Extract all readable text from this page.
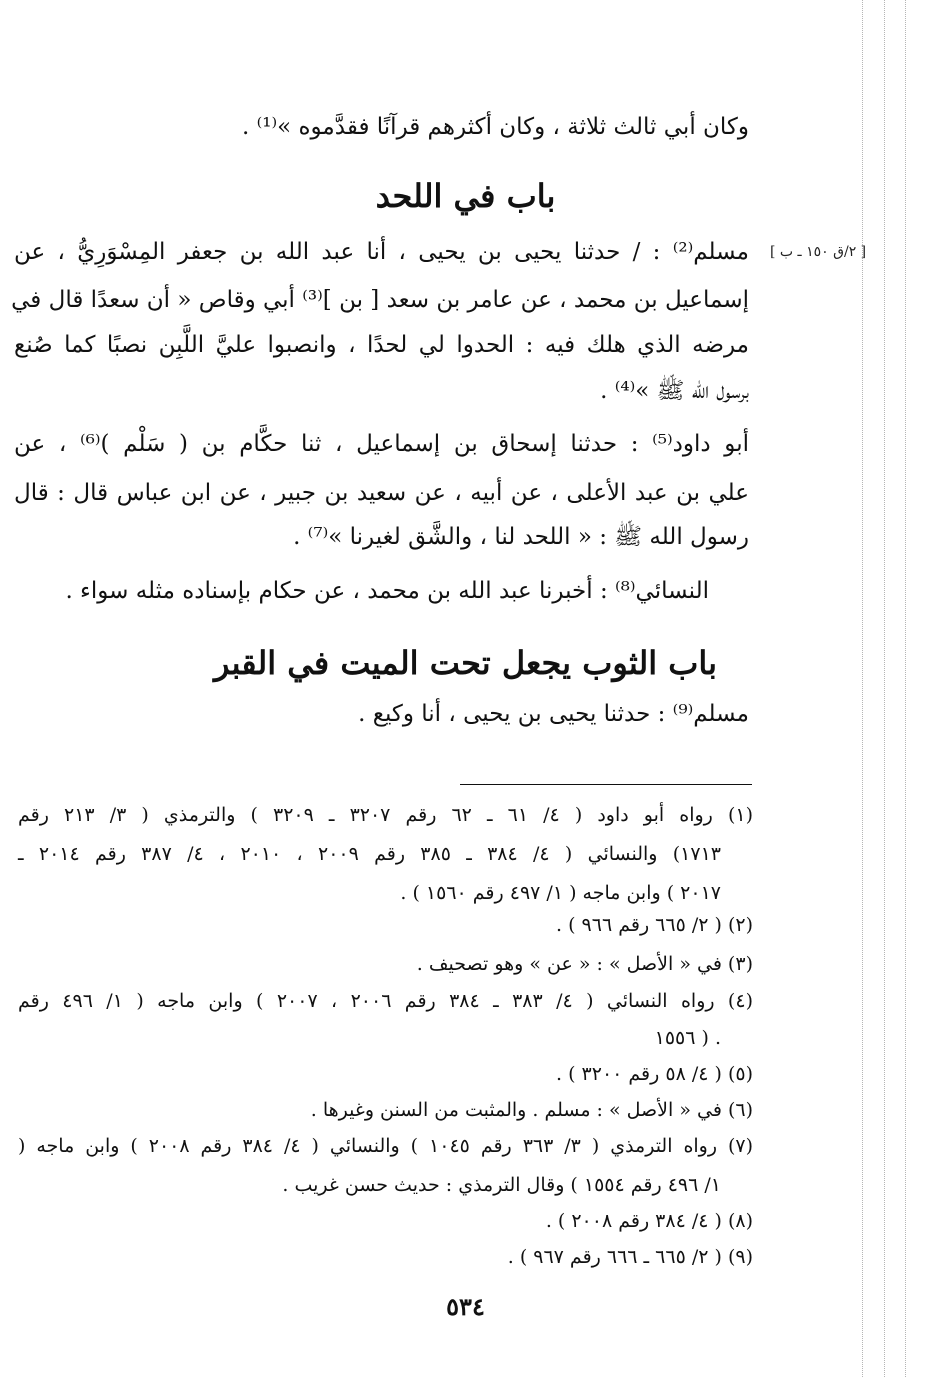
وكان أبي ثالث ثلاثة ، وكان أكثرهم قرآنًا فقدَّموه »⁽¹⁾ .
باب في اللحد
[ ٢/ق ١٥٠ ـ ب ]
مسلم⁽²⁾ : / حدثنا يحيى بن يحيى ، أنا عبد الله بن جعفر المِسْوَرِيُّ ، عن
إسماعيل بن محمد ، عن عامر بن سعد [ بن ]⁽³⁾ أبي وقاص « أن سعدًا قال في
مرضه الذي هلك فيه : الحدوا لي لحدًا ، وانصبوا عليَّ اللَّبِن نصبًا كما صُنع
برسول الله ﷺ »⁽⁴⁾ .
أبو داود⁽⁵⁾ : حدثنا إسحاق بن إسماعيل ، ثنا حكَّام بن ( سَلْم )⁽⁶⁾ ، عن
علي بن عبد الأعلى ، عن أبيه ، عن سعيد بن جبير ، عن ابن عباس قال : قال
رسول الله ﷺ : « اللحد لنا ، والشَّق لغيرنا »⁽⁷⁾ .
النسائي⁽⁸⁾ : أخبرنا عبد الله بن محمد ، عن حكام بإسناده مثله سواء .
باب الثوب يجعل تحت الميت في القبر
مسلم⁽⁹⁾ : حدثنا يحيى بن يحيى ، أنا وكيع .
(١) رواه أبو داود ( ٤/ ٦١ ـ ٦٢ رقم ٣٢٠٧ ـ ٣٢٠٩ ) والترمذي ( ٣/ ٢١٣ رقم
١٧١٣) والنسائي ( ٤/ ٣٨٤ ـ ٣٨٥ رقم ٢٠٠٩ ، ٢٠١٠ ، ٤/ ٣٨٧ رقم ٢٠١٤ ـ
٢٠١٧ ) وابن ماجه ( ١/ ٤٩٧ رقم ١٥٦٠ ) .
(٢) ( ٢/ ٦٦٥ رقم ٩٦٦ ) .
(٣) في « الأصل » : « عن » وهو تصحيف .
(٤) رواه النسائي ( ٤/ ٣٨٣ ـ ٣٨٤ رقم ٢٠٠٦ ، ٢٠٠٧ ) وابن ماجه ( ١/ ٤٩٦ رقم
١٥٥٦ ) .
(٥) ( ٤/ ٥٨ رقم ٣٢٠٠ ) .
(٦) في « الأصل » : مسلم . والمثبت من السنن وغيرها .
(٧) رواه الترمذي ( ٣/ ٣٦٣ رقم ١٠٤٥ ) والنسائي ( ٤/ ٣٨٤ رقم ٢٠٠٨ ) وابن ماجه (
١/ ٤٩٦ رقم ١٥٥٤ ) وقال الترمذي : حديث حسن غريب .
(٨) ( ٤/ ٣٨٤ رقم ٢٠٠٨ ) .
(٩) ( ٢/ ٦٦٥ ـ ٦٦٦ رقم ٩٦٧ ) .
٥٣٤
